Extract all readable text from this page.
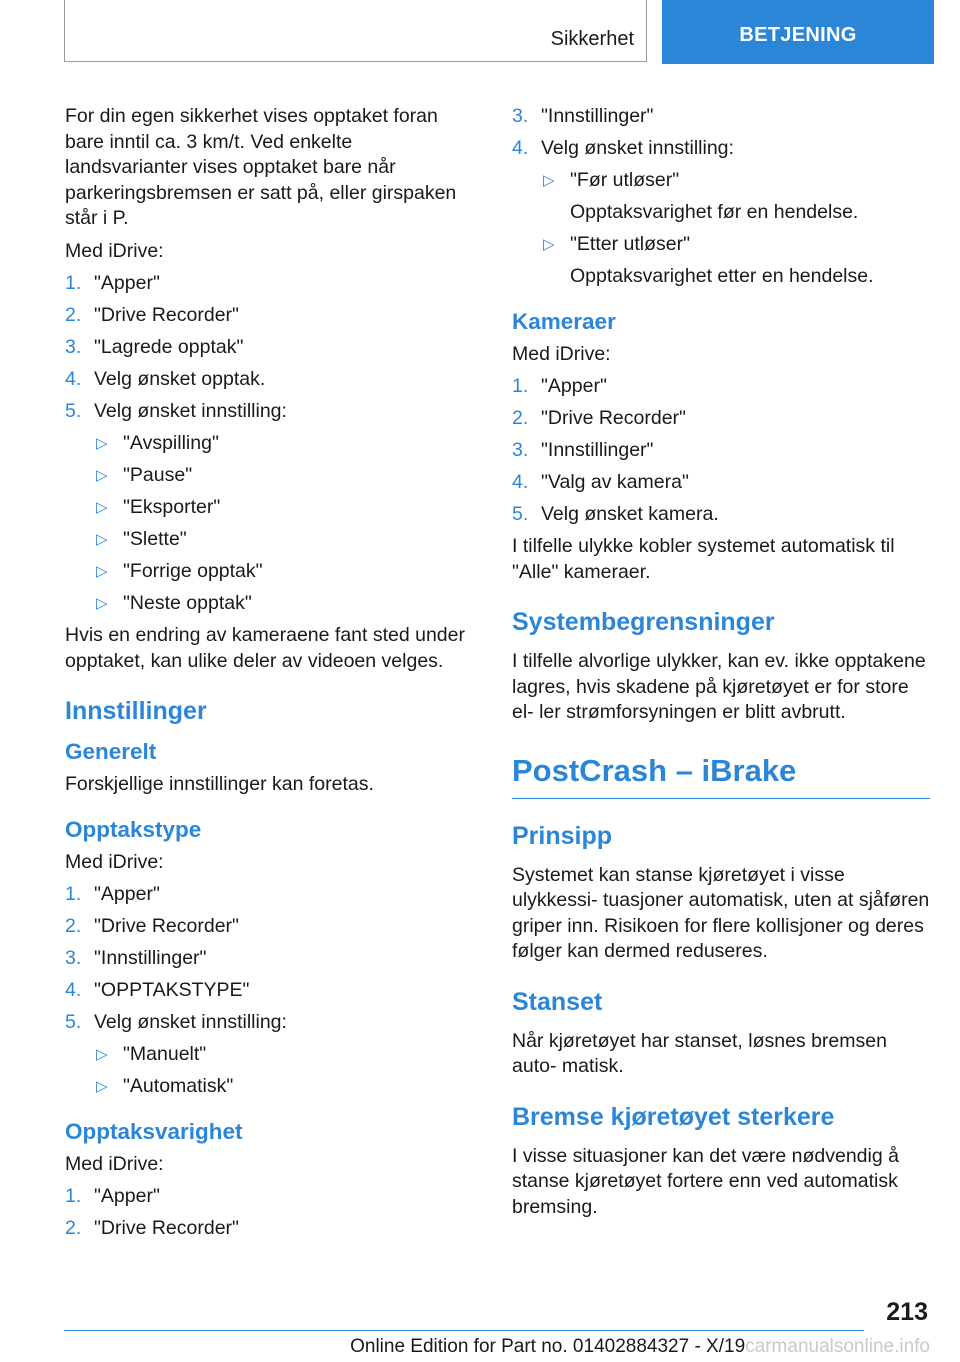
Sikkerhet	BETJENING

For din egen sikkerhet vises opptaket foran bare inntil ca. 3 km/t. Ved enkelte landsvarianter vises opptaket bare når parkeringsbremsen er satt på, eller girspaken står i P.

Med iDrive:

1. "Apper"
2. "Drive Recorder"
3. "Lagrede opptak"
4. Velg ønsket opptak.
5. Velg ønsket innstilling:
▷ "Avspilling"
▷ "Pause"
▷ "Eksporter"
▷ "Slette"
▷ "Forrige opptak"
▷ "Neste opptak"

Hvis en endring av kameraene fant sted under opptaket, kan ulike deler av videoen velges.

Innstillinger
Generelt

Forskjellige innstillinger kan foretas.

Opptakstype

Med iDrive:

1. "Apper"
2. "Drive Recorder"
3. "Innstillinger"
4. "OPPTAKSTYPE"
5. Velg ønsket innstilling:
▷ "Manuelt"
▷ "Automatisk"
Opptaksvarighet

Med iDrive:

1. "Apper"
2. "Drive Recorder"
3. "Innstillinger"
4. Velg ønsket innstilling:
▷ "Før utløser"
Opptaksvarighet før en hendelse.
▷ "Etter utløser"
Opptaksvarighet etter en hendelse.
Kameraer

Med iDrive:

1. "Apper"
2. "Drive Recorder"
3. "Innstillinger"
4. "Valg av kamera"
5. Velg ønsket kamera.

I tilfelle ulykke kobler systemet automatisk til "Alle" kameraer.

Systembegrensninger

I tilfelle alvorlige ulykker, kan ev. ikke opptakene lagres, hvis skadene på kjøretøyet er for store el- ler strømforsyningen er blitt avbrutt.

PostCrash – iBrake
Prinsipp

Systemet kan stanse kjøretøyet i visse ulykkessi- tuasjoner automatisk, uten at sjåføren griper inn. Risikoen for flere kollisjoner og deres følger kan dermed reduseres.

Stanset

Når kjøretøyet har stanset, løsnes bremsen auto- matisk.

Bremse kjøretøyet sterkere

I visse situasjoner kan det være nødvendig å stanse kjøretøyet fortere enn ved automatisk bremsing.

213
Online Edition for Part no. 01402884327 - X/19carmanualsonline.info
